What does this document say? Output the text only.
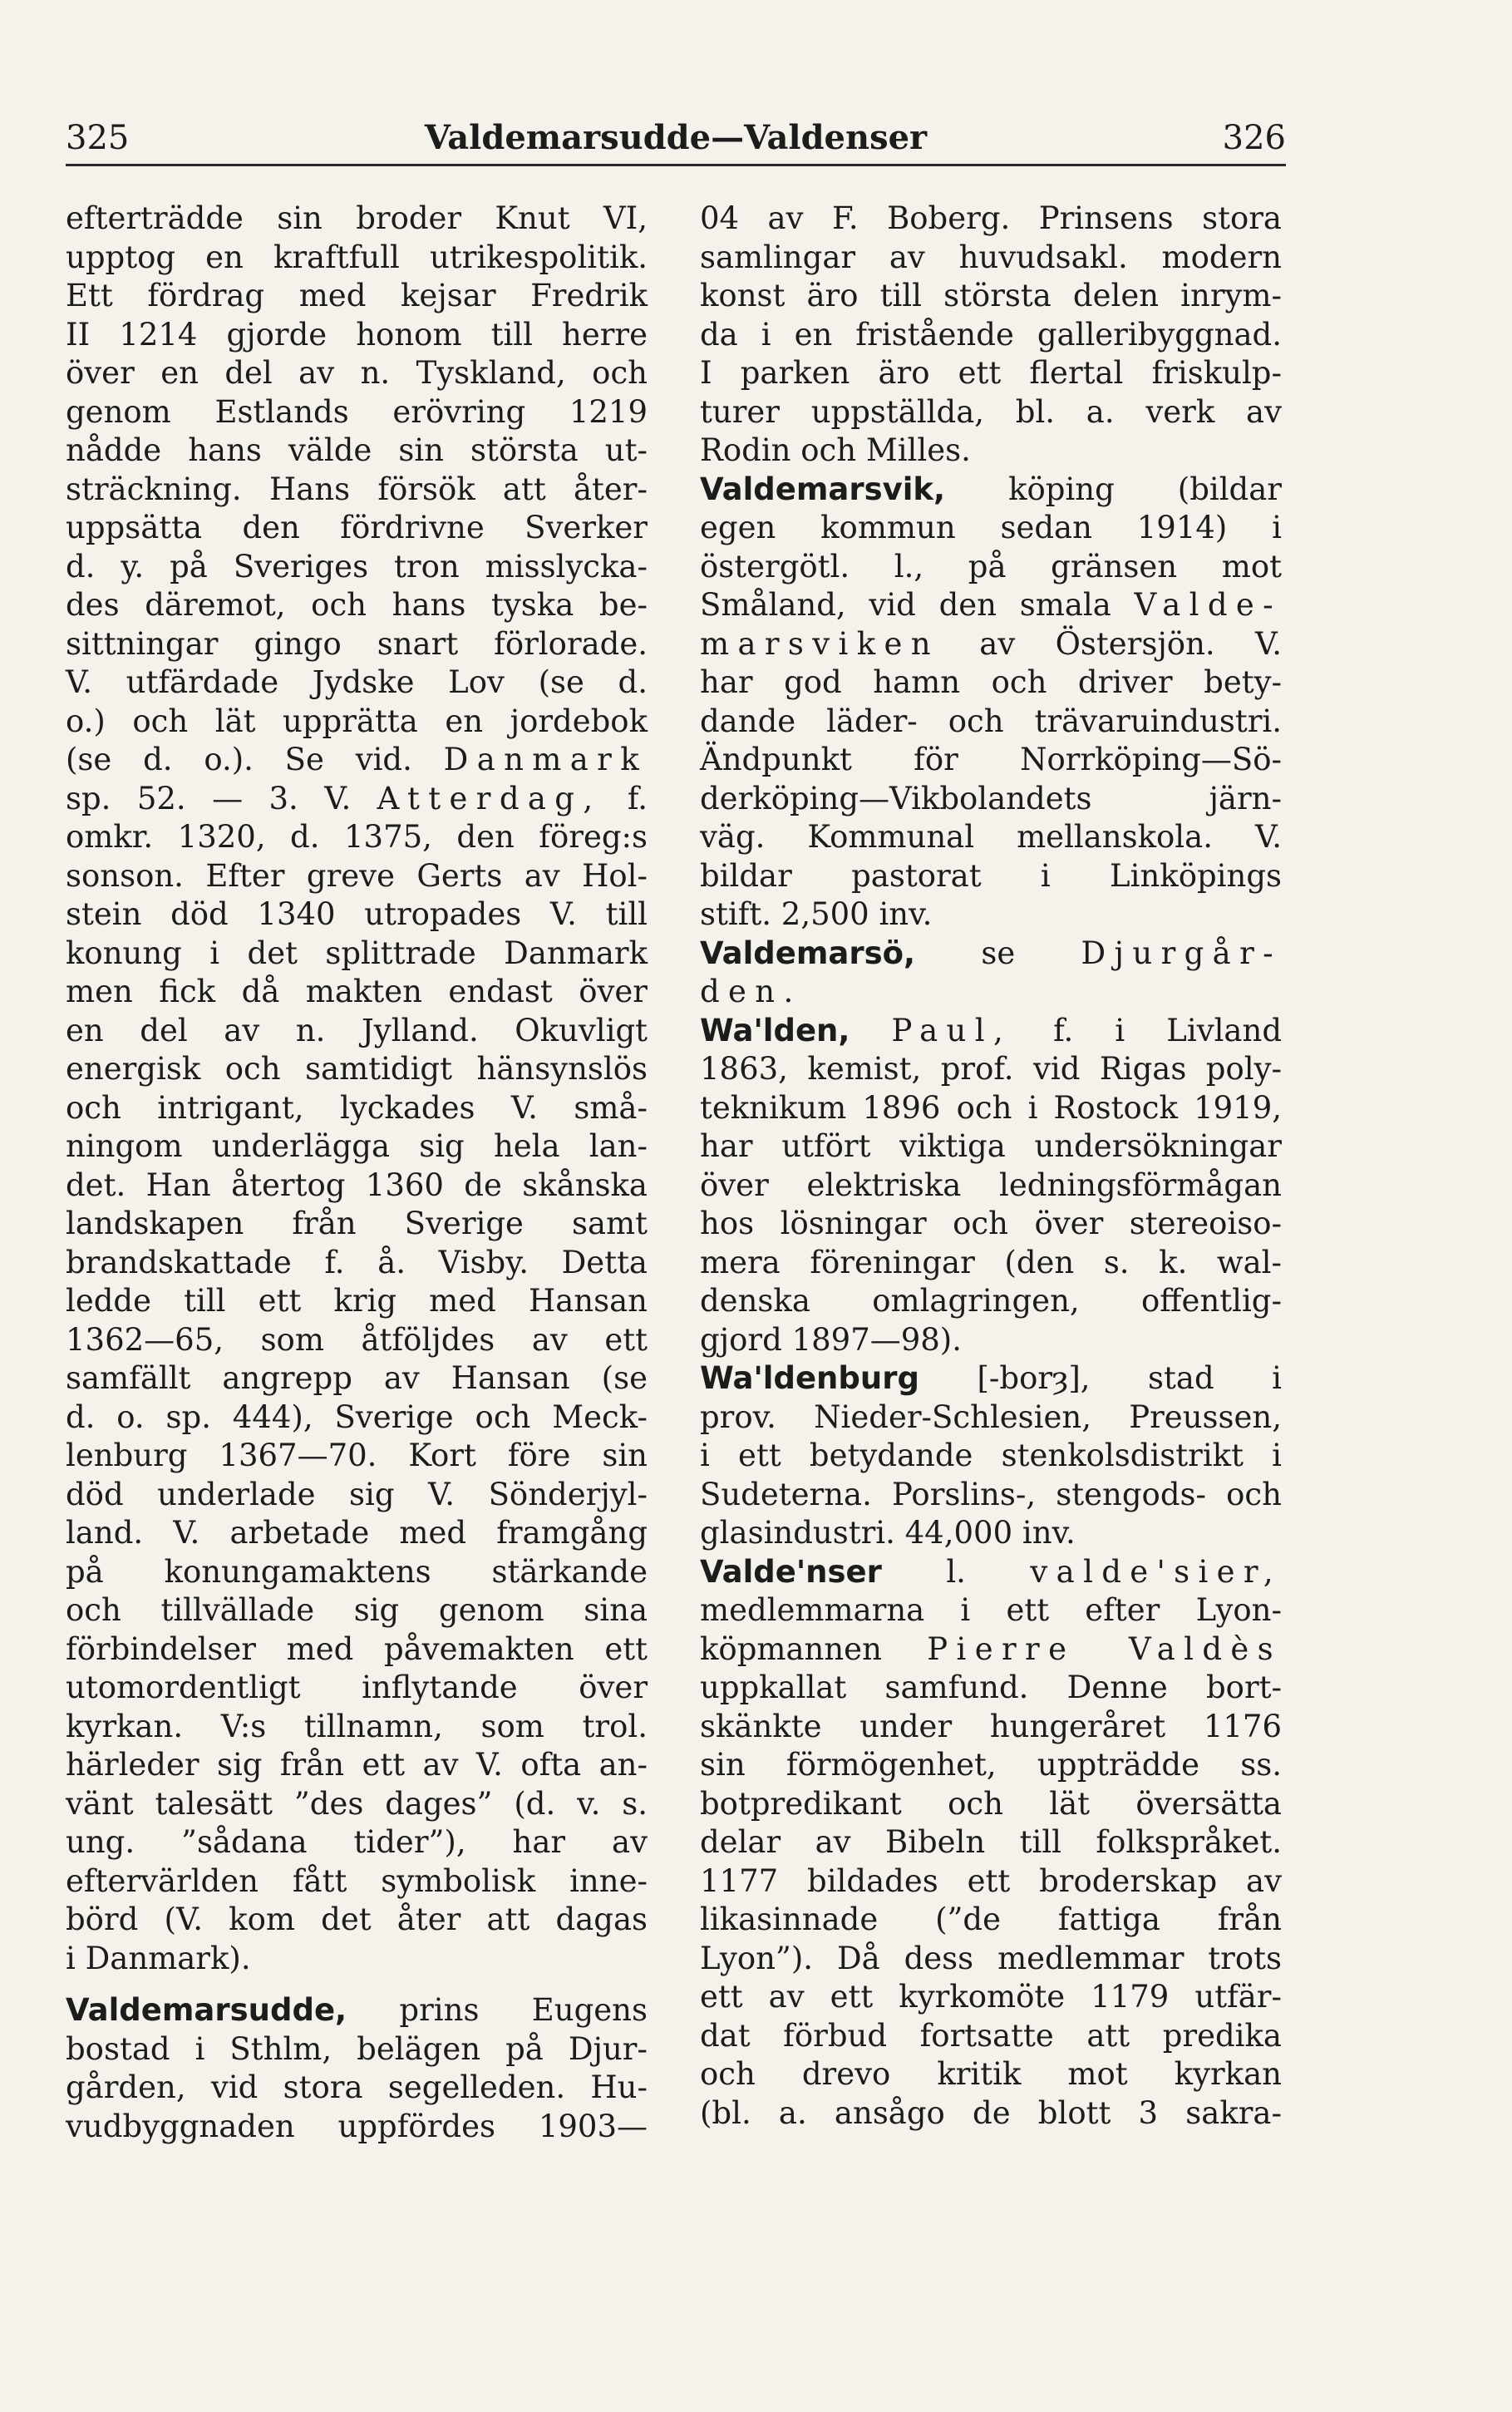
325	Valdemarsudde—Valdenser	326
efterträdde sin broder Knut VI,
upptog en kraftfull utrikespolitik.
Ett fördrag med kejsar Fredrik
II 1214 gjorde honom till herre
över en del av n. Tyskland, och
genom Estlands erövring 1219
nådde hans välde sin största ut-
sträckning. Hans försök att åter-
uppsätta den fördrivne Sverker
d. y. på Sveriges tron misslycka-
des däremot, och hans tyska be-
sittningar gingo snart förlorade.
V. utfärdade Jydske Lov (se d.
o.) och lät upprätta en jordebok
(se d. o.). Se vid. Danmark
sp. 52. — 3. V. Atterdag, f.
omkr. 1320, d. 1375, den föreg:s
sonson. Efter greve Gerts av Hol-
stein död 1340 utropades V. till
konung i det splittrade Danmark
men fick då makten endast över
en del av n. Jylland. Okuvligt
energisk och samtidigt hänsynslös
och intrigant, lyckades V. små-
ningom underlägga sig hela lan-
det. Han återtog 1360 de skånska
landskapen från Sverige samt
brandskattade f. å. Visby. Detta
ledde till ett krig med Hansan
1362—65, som åtföljdes av ett
samfällt angrepp av Hansan (se
d. o. sp. 444), Sverige och Meck-
lenburg 1367—70. Kort före sin
död underlade sig V. Sönderjyl-
land. V. arbetade med framgång
på konungamaktens stärkande
och tillvällade sig genom sina
förbindelser med påvemakten ett
utomordentligt inflytande över
kyrkan. V:s tillnamn, som trol.
härleder sig från ett av V. ofta an-
vänt talesätt ”des dages” (d. v. s.
ung. ”sådana tider”), har av
eftervärlden fått symbolisk inne-
börd (V. kom det åter att dagas
i Danmark).
Valdemarsudde, prins Eugens
bostad i Sthlm, belägen på Djur-
gården, vid stora segelleden. Hu-
vudbyggnaden uppfördes 1903—
04 av F. Boberg. Prinsens stora
samlingar av huvudsakl. modern
konst äro till största delen inrym-
da i en fristående galleribyggnad.
I parken äro ett flertal friskulp-
turer uppställda, bl. a. verk av
Rodin och Milles.
Valdemarsvik, köping (bildar
egen kommun sedan 1914) i
östergötl. l., på gränsen mot
Småland, vid den smala Valde-
marsviken av Östersjön. V.
har god hamn och driver bety-
dande läder- och trävaruindustri.
Ändpunkt för Norrköping—Sö-
derköping—Vikbolandets järn-
väg. Kommunal mellanskola. V.
bildar pastorat i Linköpings
stift. 2,500 inv.
Valdemarsö, se Djurgår-
den.
Wa'lden, Paul, f. i Livland
1863, kemist, prof. vid Rigas poly-
teknikum 1896 och i Rostock 1919,
har utfört viktiga undersökningar
över elektriska ledningsförmågan
hos lösningar och över stereoiso-
mera föreningar (den s. k. wal-
denska omlagringen, offentlig-
gjord 1897—98).
Wa'ldenburg [-borȝ], stad i
prov. Nieder-Schlesien, Preussen,
i ett betydande stenkolsdistrikt i
Sudeterna. Porslins-, stengods- och
glasindustri. 44,000 inv.
Valde'nser l. valde'sier,
medlemmarna i ett efter Lyon-
köpmannen Pierre Valdès
uppkallat samfund. Denne bort-
skänkte under hungeråret 1176
sin förmögenhet, uppträdde ss.
botpredikant och lät översätta
delar av Bibeln till folkspråket.
1177 bildades ett broderskap av
likasinnade (”de fattiga från
Lyon”). Då dess medlemmar trots
ett av ett kyrkomöte 1179 utfär-
dat förbud fortsatte att predika
och drevo kritik mot kyrkan
(bl. a. ansågo de blott 3 sakra-
